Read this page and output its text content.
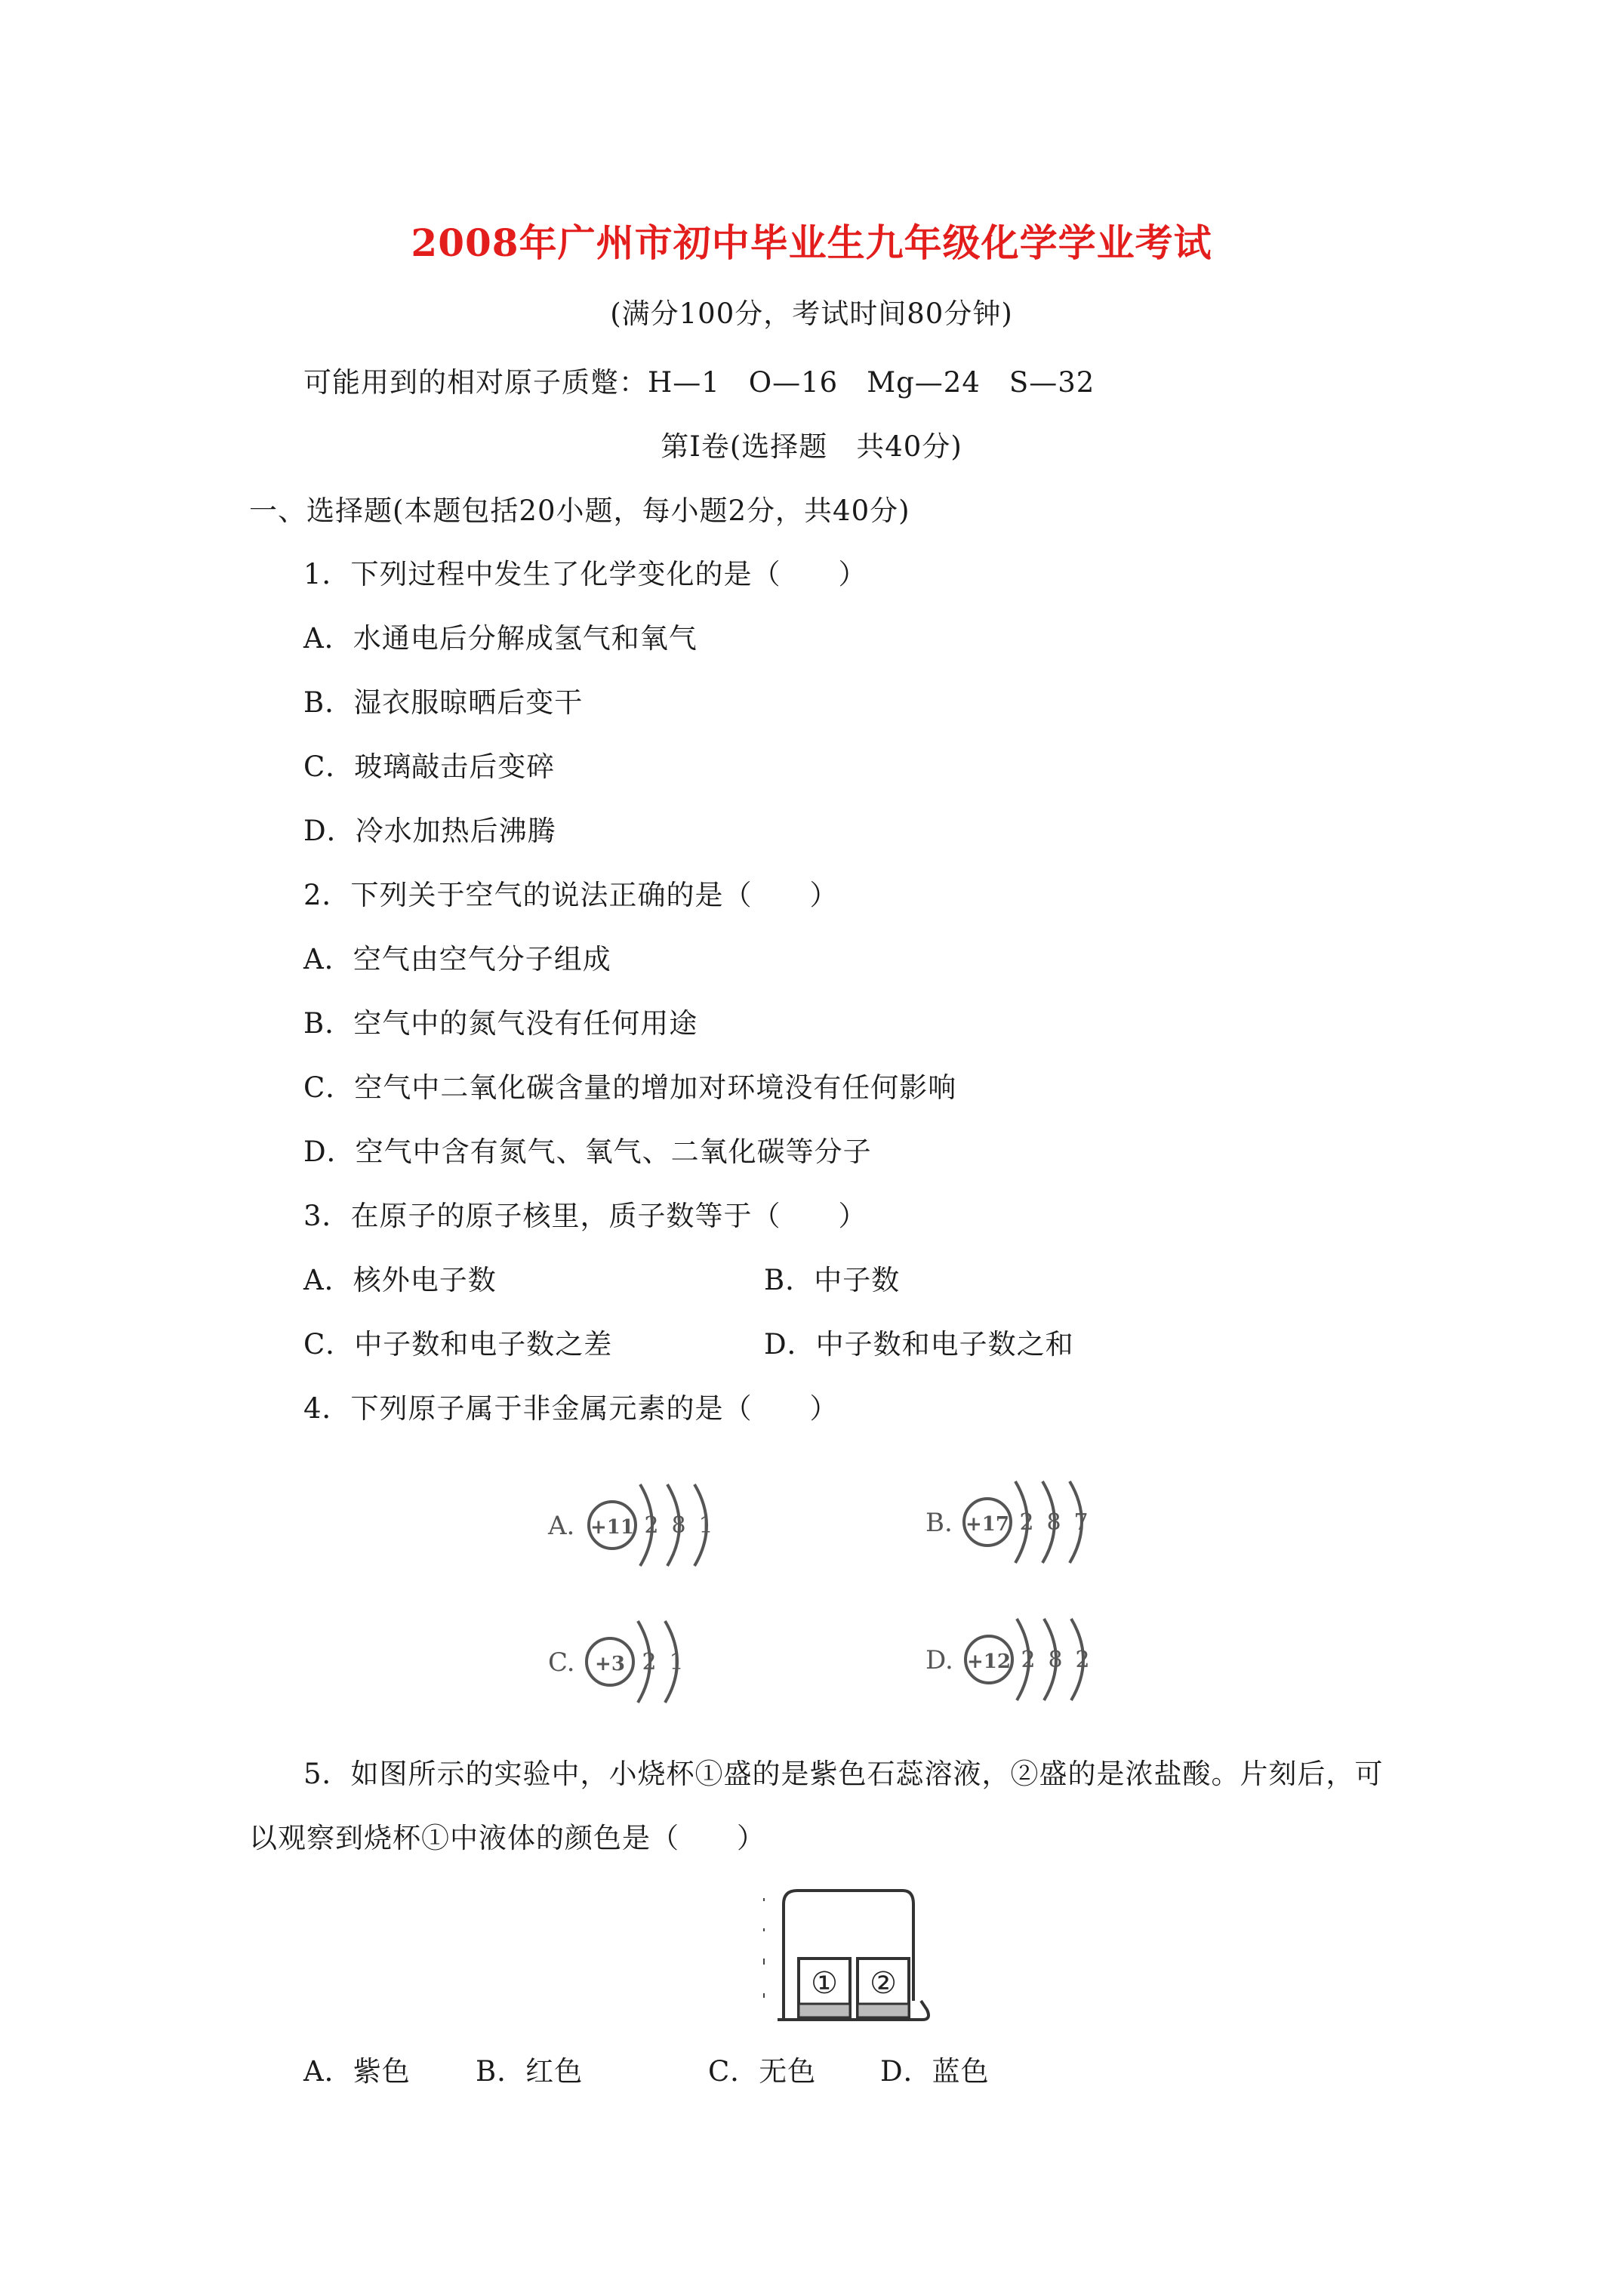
2008年广州市初中毕业生九年级化学学业考试
(满分100分，考试时间80分钟)
可能用到的相对原子质蹩：H—1　O—16　Mg—24　S—32
第Ⅰ卷(选择题　共40分)
一、选择题(本题包括20小题，每小题2分，共40分)
1．下列过程中发生了化学变化的是（　　）
A．水通电后分解成氢气和氧气
B．湿衣服晾晒后变干
C．玻璃敲击后变碎
D．冷水加热后沸腾
2．下列关于空气的说法正确的是（　　）
A．空气由空气分子组成
B．空气中的氮气没有任何用途
C．空气中二氧化碳含量的增加对环境没有任何影响
D．空气中含有氮气、氧气、二氧化碳等分子
3．在原子的原子核里，质子数等于（　　）
A．核外电子数	B．中子数
C．中子数和电子数之差	D．中子数和电子数之和
4．下列原子属于非金属元素的是（　　）
A. +11 2 8 1	B. +17 2 8 7
C. +3 2 1	D. +12 2 8 2
5．如图所示的实验中，小烧杯①盛的是紫色石蕊溶液，②盛的是浓盐酸。片刻后，可
以观察到烧杯①中液体的颜色是（　　）
① ②
A．紫色 B．红色	C．无色 D．蓝色
